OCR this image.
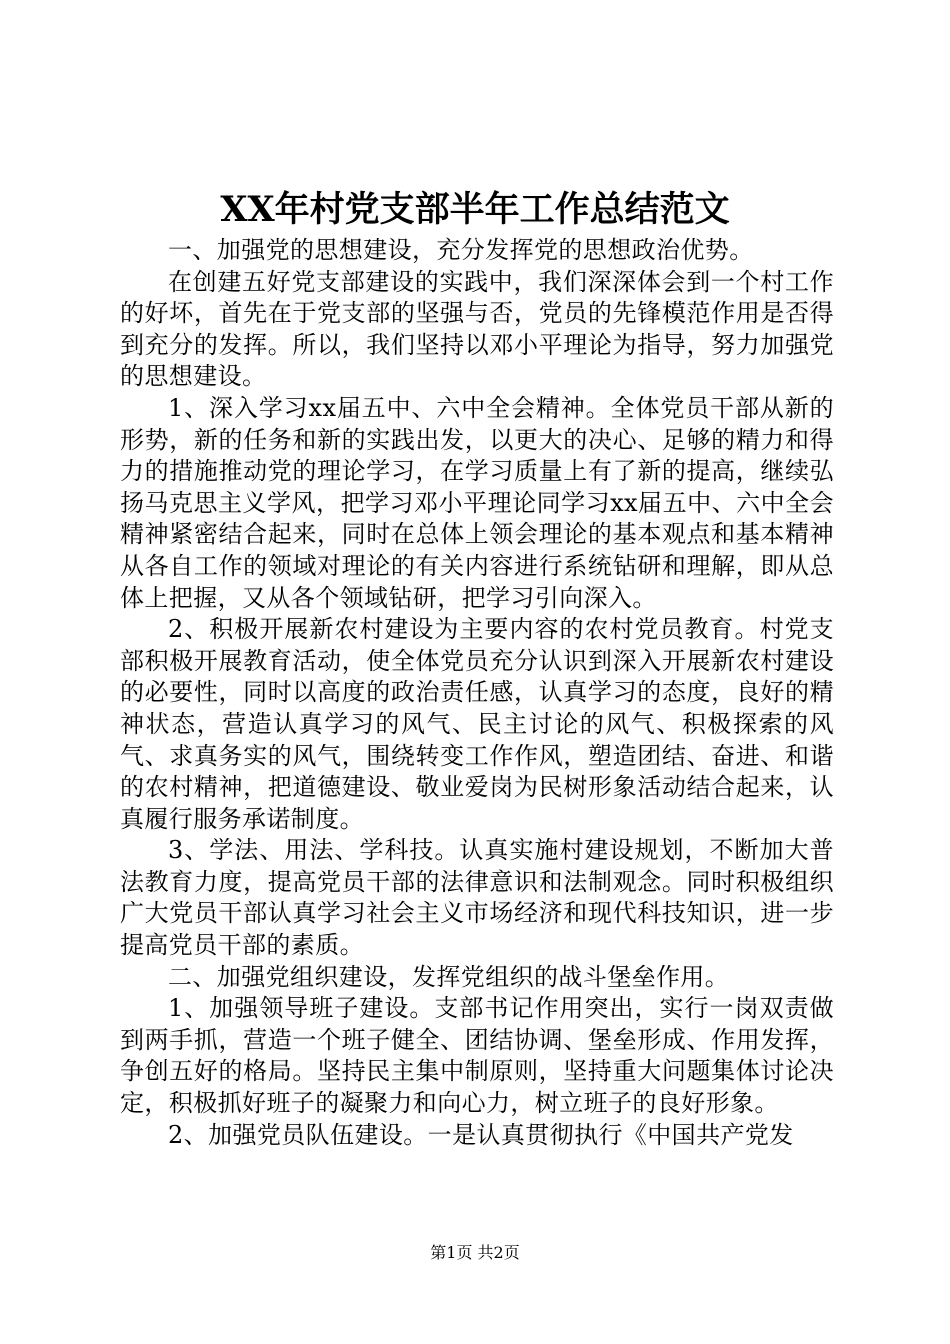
XX年村党支部半年工作总结范文

一、加强党的思想建设，充分发挥党的思想政治优势。

在创建五好党支部建设的实践中，我们深深体会到一个村工作的好坏，首先在于党支部的坚强与否，党员的先锋模范作用是否得到充分的发挥。所以，我们坚持以邓小平理论为指导，努力加强党的思想建设。

1、深入学习xx届五中、六中全会精神。全体党员干部从新的形势，新的任务和新的实践出发，以更大的决心、足够的精力和得力的措施推动党的理论学习，在学习质量上有了新的提高，继续弘扬马克思主义学风，把学习邓小平理论同学习xx届五中、六中全会精神紧密结合起来，同时在总体上领会理论的基本观点和基本精神从各自工作的领域对理论的有关内容进行系统钻研和理解，即从总体上把握，又从各个领域钻研，把学习引向深入。

2、积极开展新农村建设为主要内容的农村党员教育。村党支部积极开展教育活动，使全体党员充分认识到深入开展新农村建设的必要性，同时以高度的政治责任感，认真学习的态度，良好的精神状态，营造认真学习的风气、民主讨论的风气、积极探索的风气、求真务实的风气，围绕转变工作作风，塑造团结、奋进、和谐的农村精神，把道德建设、敬业爱岗为民树形象活动结合起来，认真履行服务承诺制度。

3、学法、用法、学科技。认真实施村建设规划，不断加大普法教育力度，提高党员干部的法律意识和法制观念。同时积极组织广大党员干部认真学习社会主义市场经济和现代科技知识，进一步提高党员干部的素质。

二、加强党组织建设，发挥党组织的战斗堡垒作用。

1、加强领导班子建设。支部书记作用突出，实行一岗双责做到两手抓，营造一个班子健全、团结协调、堡垒形成、作用发挥，争创五好的格局。坚持民主集中制原则，坚持重大问题集体讨论决定，积极抓好班子的凝聚力和向心力，树立班子的良好形象。

2、加强党员队伍建设。一是认真贯彻执行《中国共产党发

第1页 共2页
